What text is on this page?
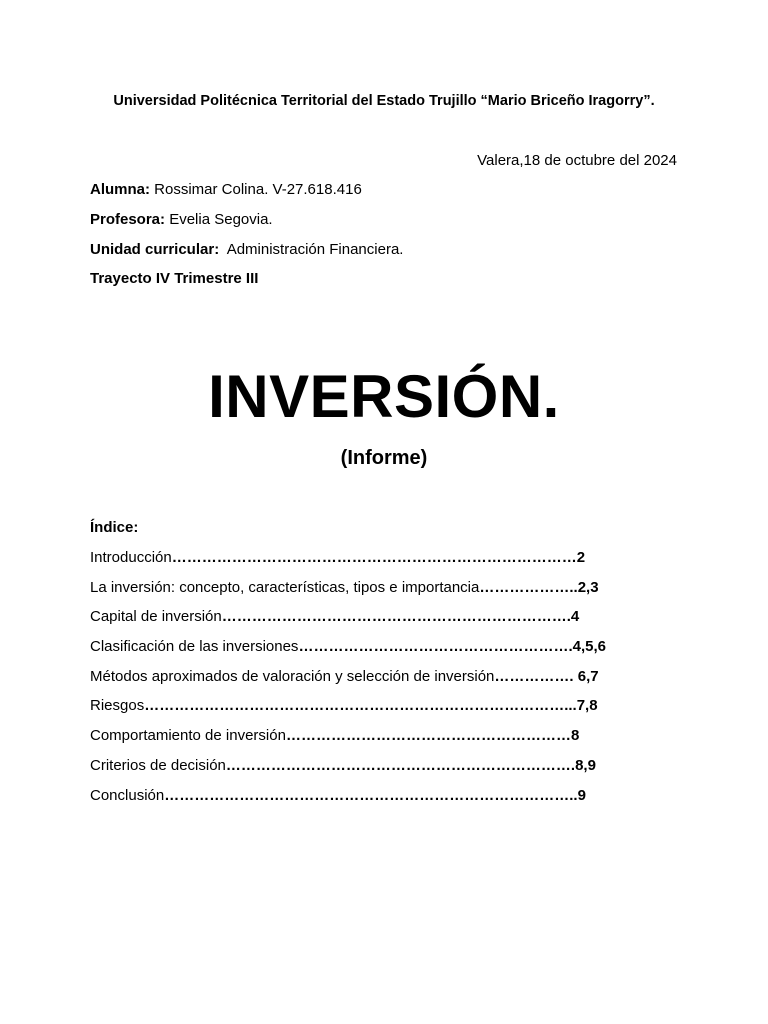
Universidad Politécnica Territorial del Estado Trujillo “Mario Briceño Iragorry”.
Valera,18 de octubre del 2024
Alumna: Rossimar Colina. V-27.618.416
Profesora: Evelia Segovia.
Unidad curricular:  Administración Financiera.
Trayecto IV Trimestre III
INVERSIÓN.
(Informe)
Índice:
Introducción………………………………………………………………………2
La inversión: concepto, características, tipos e importancia………………..2,3
Capital de inversión…………………………………………………………….4
Clasificación de las inversiones……………………………………………….4,5,6
Métodos aproximados de valoración y selección de inversión……………. 6,7
Riesgos…………………………………………………………………………...7,8
Comportamiento de inversión…………………………………………………8
Criterios de decisión…………………………………………………………….8,9
Conclusión………………………………………………………………………..9
